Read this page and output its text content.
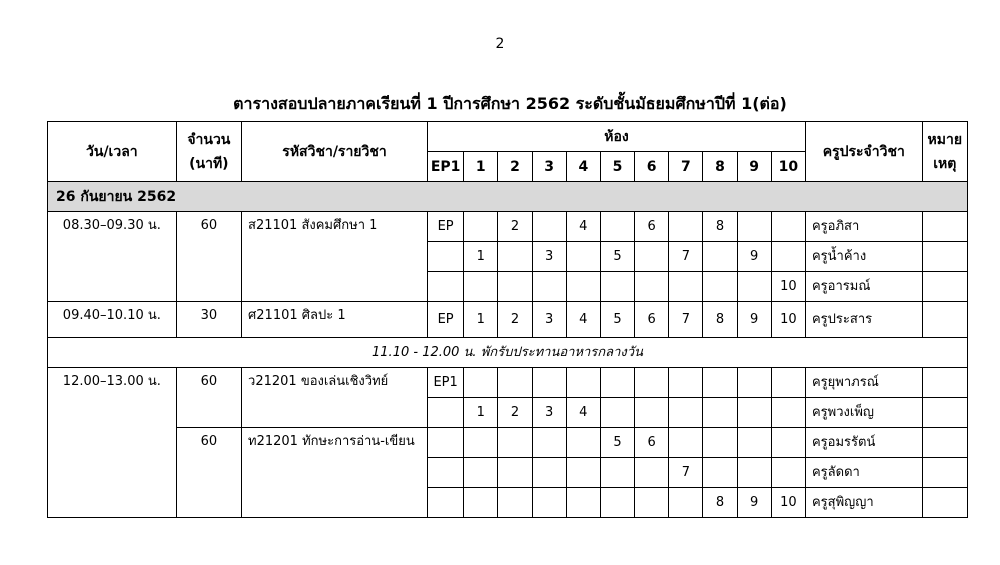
2
ตารางสอบปลายภาคเรียนที่ 1 ปีการศึกษา 2562 ระดับชั้นมัธยมศึกษาปีที่ 1(ต่อ)
วัน/เวลา	จำนวน
(นาที)	รหัสวิชา/รายวิชา	ห้อง											ครูประจำวิชา	หมาย
เหตุ
			EP1	1	2	3	4	5	6	7	8	9	10		
26 กันยายน 2562															
08.30–09.30 น.	60	ส21101 สังคมศึกษา 1	EP		2		4		6		8			ครูอภิสา	
				1		3		5		7		9		ครูน้ำค้าง	
													10	ครูอารมณ์	
09.40–10.10 น.	30	ศ21101 ศิลปะ 1	EP	1	2	3	4	5	6	7	8	9	10	ครูประสาร	
11.10 - 12.00 น. พักรับประทานอาหารกลางวัน															
12.00–13.00 น.	60	ว21201 ของเล่นเชิงวิทย์	EP1											ครูยุพาภรณ์	
				1	2	3	4							ครูพวงเพ็ญ	
	60	ท21201 ทักษะการอ่าน-เขียน						5	6					ครูอมรรัตน์	
										7				ครูลัดดา	
											8	9	10	ครูสุพิญญา	
